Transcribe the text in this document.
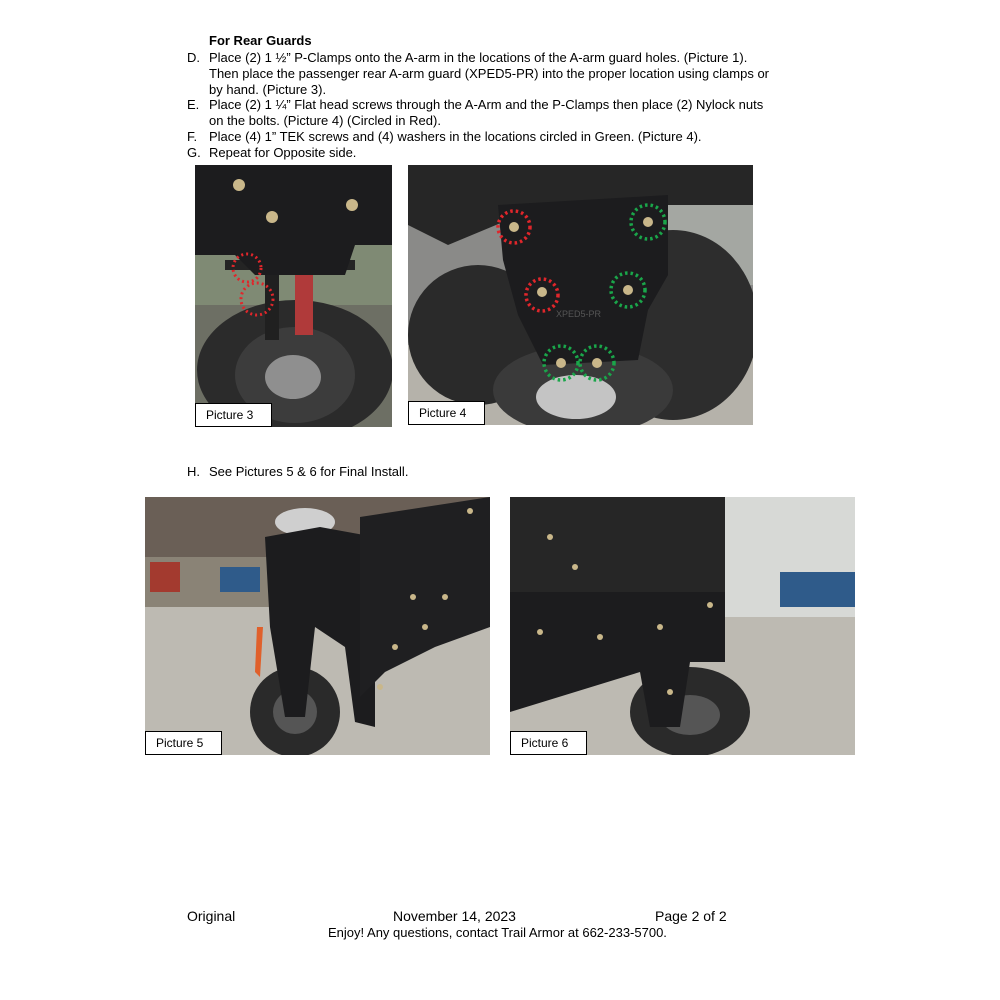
For Rear Guards
D. Place (2) 1 ½” P-Clamps onto the A-arm in the locations of the A-arm guard holes. (Picture 1).
Then place the passenger rear A-arm guard (XPED5-PR) into the proper location using clamps or
by hand. (Picture 3).
E. Place (2) 1 ¼” Flat head screws through the A-Arm and the P-Clamps then place (2) Nylock nuts
on the bolts. (Picture 4) (Circled in Red).
F. Place (4) 1” TEK screws and (4) washers in the locations circled in Green. (Picture 4).
G. Repeat for Opposite side.
Picture 3
XPED5-PR
Picture 4
H. See Pictures 5 & 6 for Final Install.
Picture 5	Picture 6
Original	November 14, 2023	Page 2 of 2
Enjoy! Any questions, contact Trail Armor at 662-233-5700.
